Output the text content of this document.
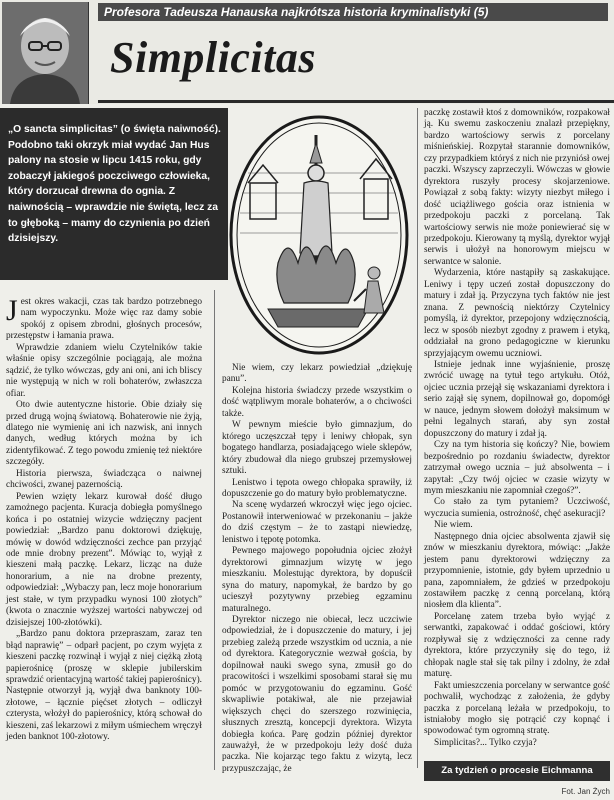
Profesora Tadeusza Hanauska najkrótsza historia kryminalistyki (5)
Simplicitas

„O sancta simplicitas” (o święta naiwność). Podobno taki okrzyk miał wydać Jan Hus palony na stosie w lipcu 1415 roku, gdy zobaczył jakiegoś poczciwego człowieka, który dorzucał drewna do ognia. Z naiwnością – wprawdzie nie świętą, lecz za to głęboką – mamy do czynienia po dzień dzisiejszy.

Jest okres wakacji, czas tak bardzo potrzebnego nam wypoczynku. Może więc raz damy sobie spokój z opisem zbrodni, głośnych procesów, przestępstw i łamania prawa.

Wprawdzie zdaniem wielu Czytelników takie właśnie opisy szczególnie pociągają, ale można sądzić, że tylko wówczas, gdy ani oni, ani ich bliscy nie występują w nich w roli bohaterów, zwłaszcza ofiar.

Oto dwie autentyczne historie. Obie działy się przed drugą wojną światową. Bohaterowie nie żyją, dlatego nie wymienię ani ich nazwisk, ani innych danych, według których można by ich zidentyfikować. Z tego powodu zmienię też niektóre szczegóły.

Historia pierwsza, świadcząca o naiwnej chciwości, zwanej pazernością.

Pewien wzięty lekarz kurował dość długo zamożnego pacjenta. Kuracja dobiegła pomyślnego końca i po ostatniej wizycie wdzięczny pacjent powiedział: „Bardzo panu doktorowi dziękuję, mówię w dowód wdzięczności zechce pan przyjąć ode mnie drobny prezent”. Mówiąc to, wyjął z kieszeni małą paczkę. Lekarz, licząc na duże honorarium, a nie na drobne prezenty, odpowiedział: „Wybaczy pan, lecz moje honorarium jest stałe, w tym przypadku wynosi 100 złotych” (kwota o znacznie wyższej wartości nabywczej od dzisiejszej 100-złotówki).

„Bardzo panu doktora przepraszam, zaraz ten błąd naprawię” – odparł pacjent, po czym wyjęta z kieszeni paczkę rozwinął i wyjął z niej ciężką złotą papierośnicę (proszę w sklepie jubilerskim sprawdzić orientacyjną wartość takiej papierośnicy). Następnie otworzył ją, wyjął dwa banknoty 100-złotowe, – łącznie pięćset złotych – odliczył czterysta, włożył do papierośnicy, którą schował do kieszeni, zaś lekarzowi z miłym uśmiechem wręczył jeden banknot 100-złotowy.

Nie wiem, czy lekarz powiedział „dziękuję panu”.

Kolejna historia świadczy przede wszystkim o dość wątpliwym morale bohaterów, a o chciwości także.

W pewnym mieście było gimnazjum, do którego uczęszczał tępy i leniwy chłopak, syn bogatego handlarza, posiadającego wiele sklepów, który zbudował dla niego grubszej przemysłowej sztuki.

Lenistwo i tępota owego chłopaka sprawiły, iż dopuszczenie go do matury było problematyczne.

Na scenę wydarzeń wkroczył więc jego ojciec. Postanowił interweniować w przekonaniu – jakże do dziś częstym – że to zastąpi niewiedzę, lenistwo i tępotę potomka.

Pewnego majowego popołudnia ojciec złożył dyrektorowi gimnazjum wizytę w jego mieszkaniu. Molestując dyrektora, by dopuścił syna do matury, napomykał, że bardzo by go ucieszył pozytywny przebieg egzaminu maturalnego.

Dyrektor niczego nie obiecał, lecz uczciwie odpowiedział, że i dopuszczenie do matury, i jej przebieg zależą przede wszystkim od ucznia, a nie od dyrektora. Kategorycznie wezwał gościa, by dopilnował nauki swego syna, zmusił go do pracowitości i wszelkimi sposobami starał się mu pomóc w przygotowaniu do egzaminu. Gość skwapliwie potakiwał, ale nie przejawiał większych chęci do szerszego rozwinięcia, słusznych zresztą, koncepcji dyrektora. Wizyta dobiegła końca. Parę godzin później dyrektor zauważył, że w przedpokoju leży dość duża paczka. Nie kojarząc tego faktu z wizytą, lecz przypuszczając, że

paczkę zostawił ktoś z domowników, rozpakował ją. Ku swemu zaskoczeniu znalazł przepiękny, bardzo wartościowy serwis z porcelany miśnieńskiej. Rozpytał starannie domowników, czy przypadkiem któryś z nich nie przyniósł owej paczki. Wszyscy zaprzeczyli. Wówczas w głowie dyrektora ruszyły procesy skojarzeniowe. Powiązał z sobą fakty: wizyty niezbyt miłego i dość uciążliwego gościa oraz istnienia w przedpokoju paczki z porcelaną. Tak wartościowy serwis nie może poniewierać się w przedpokoju. Kierowany tą myślą, dyrektor wyjął serwis i ułożył na honorowym miejscu w serwantce w salonie.

Wydarzenia, które nastąpiły są zaskakujące. Leniwy i tępy uczeń został dopuszczony do matury i zdał ją. Przyczyna tych faktów nie jest znana. Z pewnością niektórzy Czytelnicy pomyślą, iż dyrektor, przepojony wdzięcznością, lecz w sposób niezbyt zgodny z prawem i etyką, oddziałał na grono pedagogiczne w kierunku sprzyjającym owemu uczniowi.

Istnieje jednak inne wyjaśnienie, proszę zwrócić uwagę na tytuł tego artykułu. Otóż, ojciec ucznia przejął się wskazaniami dyrektora i serio zajął się synem, dopilnował go, dopomógł w nauce, jednym słowem dołożył maksimum w pełni legalnych starań, aby syn został dopuszczony do matury i zdał ją.

Czy na tym historia się kończy? Nie, bowiem bezpośrednio po rozdaniu świadectw, dyrektor zatrzymał owego ucznia – już absolwenta – i zapytał: „Czy twój ojciec w czasie wizyty w mym mieszkaniu nie zapomniał czegoś?”.

Co stało za tym pytaniem? Uczciwość, wyczucia sumienia, ostrożność, chęć asekuracji?

Nie wiem.

Następnego dnia ojciec absolwenta zjawił się znów w mieszkaniu dyrektora, mówiąc: „Jakże jestem panu dyrektorowi wdzięczny za przypomnienie, istotnie, gdy byłem uprzednio u pana, zapomniałem, że gdzieś w przedpokoju zostawiłem paczkę z cenną porcelaną, którą niosłem dla klienta”.

Porcelanę zatem trzeba było wyjąć z serwantki, zapakować i oddać gościowi, który rozpływał się z wdzięczności za cenne rady dyrektora, które przyczyniły się do tego, iż chłopak nagle stał się tak pilny i zdolny, że zdał maturę.

Fakt umieszczenia porcelany w serwantce gość pochwalił, wychodząc z założenia, że gdyby paczka z porcelaną leżała w przedpokoju, to istniałoby mogło się potrącić czy kopnąć i spowodować tym ogromną stratę.

Simplicitas?... Tylko czyja?

Za tydzień o procesie Eichmanna
Fot. Jan Żych
